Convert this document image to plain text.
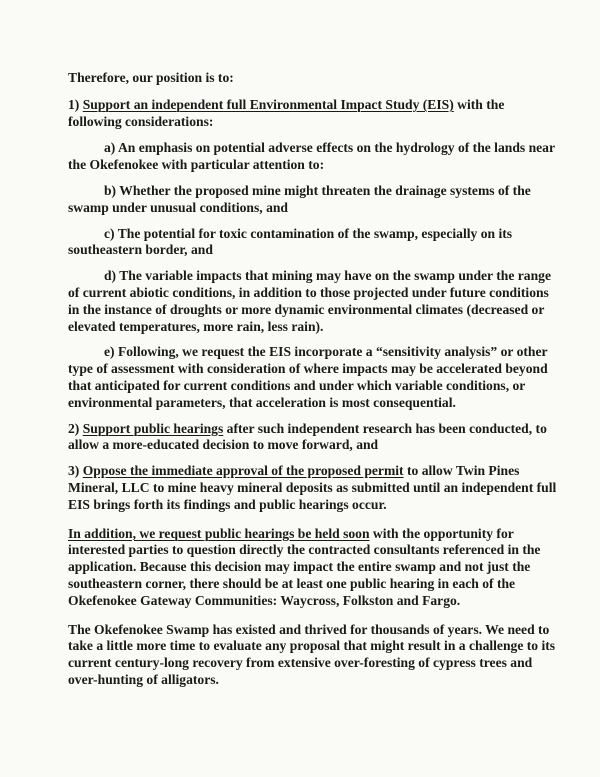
Therefore, our position is to:

1) Support an independent full Environmental Impact Study (EIS) with the following considerations:

a) An emphasis on potential adverse effects on the hydrology of the lands near the Okefenokee with particular attention to:

b) Whether the proposed mine might threaten the drainage systems of the swamp under unusual conditions, and

c) The potential for toxic contamination of the swamp, especially on its southeastern border, and

d) The variable impacts that mining may have on the swamp under the range of current abiotic conditions, in addition to those projected under future conditions in the instance of droughts or more dynamic environmental climates (decreased or elevated temperatures, more rain, less rain).

e) Following, we request the EIS incorporate a “sensitivity analysis” or other type of assessment with consideration of where impacts may be accelerated beyond that anticipated for current conditions and under which variable conditions, or environmental parameters, that acceleration is most consequential.

2) Support public hearings after such independent research has been conducted, to allow a more-educated decision to move forward, and

3) Oppose the immediate approval of the proposed permit to allow Twin Pines Mineral, LLC to mine heavy mineral deposits as submitted until an independent full EIS brings forth its findings and public hearings occur.

In addition, we request public hearings be held soon with the opportunity for interested parties to question directly the contracted consultants referenced in the application. Because this decision may impact the entire swamp and not just the southeastern corner, there should be at least one public hearing in each of the Okefenokee Gateway Communities: Waycross, Folkston and Fargo.

The Okefenokee Swamp has existed and thrived for thousands of years. We need to take a little more time to evaluate any proposal that might result in a challenge to its current century-long recovery from extensive over-foresting of cypress trees and over-hunting of alligators.
